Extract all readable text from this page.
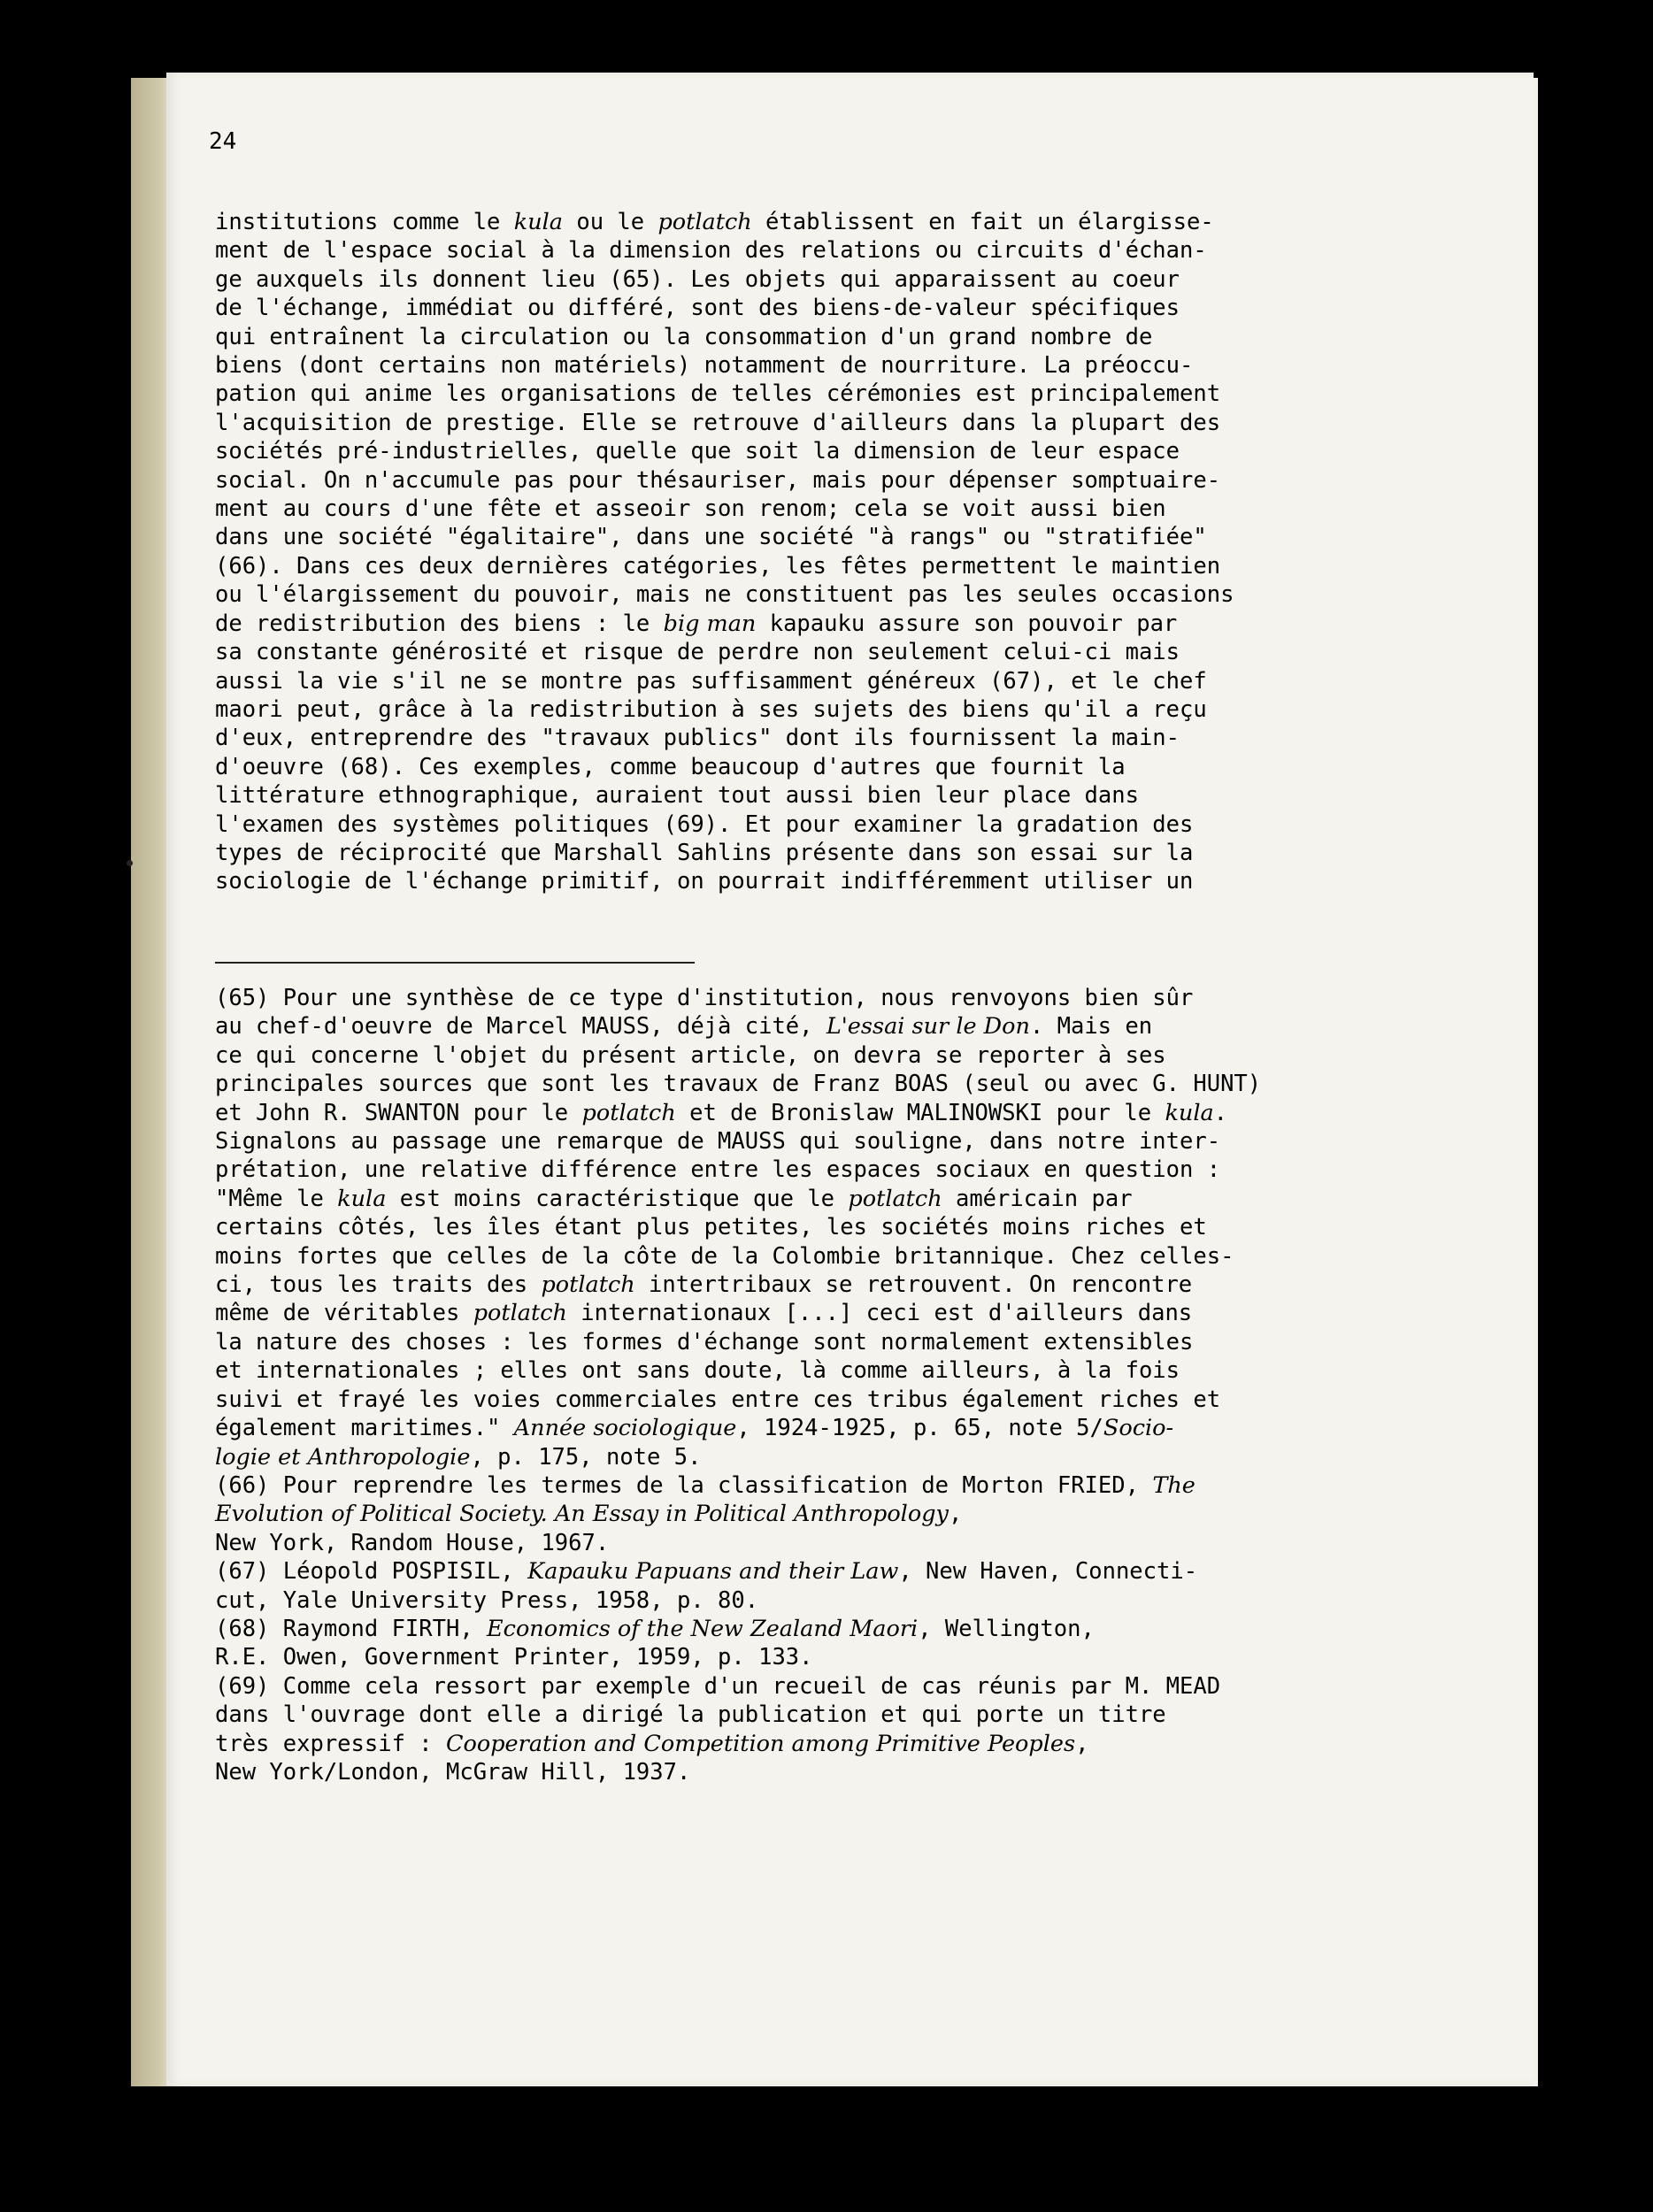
24

institutions comme le kula ou le potlatch établissent en fait un élargisse-

ment de l'espace social à la dimension des relations ou circuits d'échan-

ge auxquels ils donnent lieu (65). Les objets qui apparaissent au coeur

de l'échange, immédiat ou différé, sont des biens-de-valeur spécifiques

qui entraînent la circulation ou la consommation d'un grand nombre de

biens (dont certains non matériels) notamment de nourriture. La préoccu-

pation qui anime les organisations de telles cérémonies est principalement

l'acquisition de prestige. Elle se retrouve d'ailleurs dans la plupart des

sociétés pré-industrielles, quelle que soit la dimension de leur espace

social. On n'accumule pas pour thésauriser, mais pour dépenser somptuaire-

ment au cours d'une fête et asseoir son renom; cela se voit aussi bien

dans une société "égalitaire", dans une société "à rangs" ou "stratifiée"

(66). Dans ces deux dernières catégories, les fêtes permettent le maintien

ou l'élargissement du pouvoir, mais ne constituent pas les seules occasions

de redistribution des biens : le big man kapauku assure son pouvoir par

sa constante générosité et risque de perdre non seulement celui-ci mais

aussi la vie s'il ne se montre pas suffisamment généreux (67), et le chef

maori peut, grâce à la redistribution à ses sujets des biens qu'il a reçu

d'eux, entreprendre des "travaux publics" dont ils fournissent la main-

d'oeuvre (68). Ces exemples, comme beaucoup d'autres que fournit la

littérature ethnographique, auraient tout aussi bien leur place dans

l'examen des systèmes politiques (69). Et pour examiner la gradation des

types de réciprocité que Marshall Sahlins présente dans son essai sur la

sociologie de l'échange primitif, on pourrait indifféremment utiliser un

(65) Pour une synthèse de ce type d'institution, nous renvoyons bien sûr

au chef-d'oeuvre de Marcel MAUSS, déjà cité, L'essai sur le Don. Mais en

ce qui concerne l'objet du présent article, on devra se reporter à ses

principales sources que sont les travaux de Franz BOAS (seul ou avec G. HUNT)

et John R. SWANTON pour le potlatch et de Bronislaw MALINOWSKI pour le kula.

Signalons au passage une remarque de MAUSS qui souligne, dans notre inter-

prétation, une relative différence entre les espaces sociaux en question :

"Même le kula est moins caractéristique que le potlatch américain par

certains côtés, les îles étant plus petites, les sociétés moins riches et

moins fortes que celles de la côte de la Colombie britannique. Chez celles-

ci, tous les traits des potlatch intertribaux se retrouvent. On rencontre

même de véritables potlatch internationaux [...] ceci est d'ailleurs dans

la nature des choses : les formes d'échange sont normalement extensibles

et internationales ; elles ont sans doute, là comme ailleurs, à la fois

suivi et frayé les voies commerciales entre ces tribus également riches et

également maritimes." Année sociologique, 1924-1925, p. 65, note 5/Socio-

logie et Anthropologie, p. 175, note 5.

(66) Pour reprendre les termes de la classification de Morton FRIED, The

Evolution of Political Society. An Essay in Political Anthropology,

New York, Random House, 1967.

(67) Léopold POSPISIL, Kapauku Papuans and their Law, New Haven, Connecti-

cut, Yale University Press, 1958, p. 80.

(68) Raymond FIRTH, Economics of the New Zealand Maori, Wellington,

R.E. Owen, Government Printer, 1959, p. 133.

(69) Comme cela ressort par exemple d'un recueil de cas réunis par M. MEAD

dans l'ouvrage dont elle a dirigé la publication et qui porte un titre

très expressif : Cooperation and Competition among Primitive Peoples,

New York/London, McGraw Hill, 1937.
